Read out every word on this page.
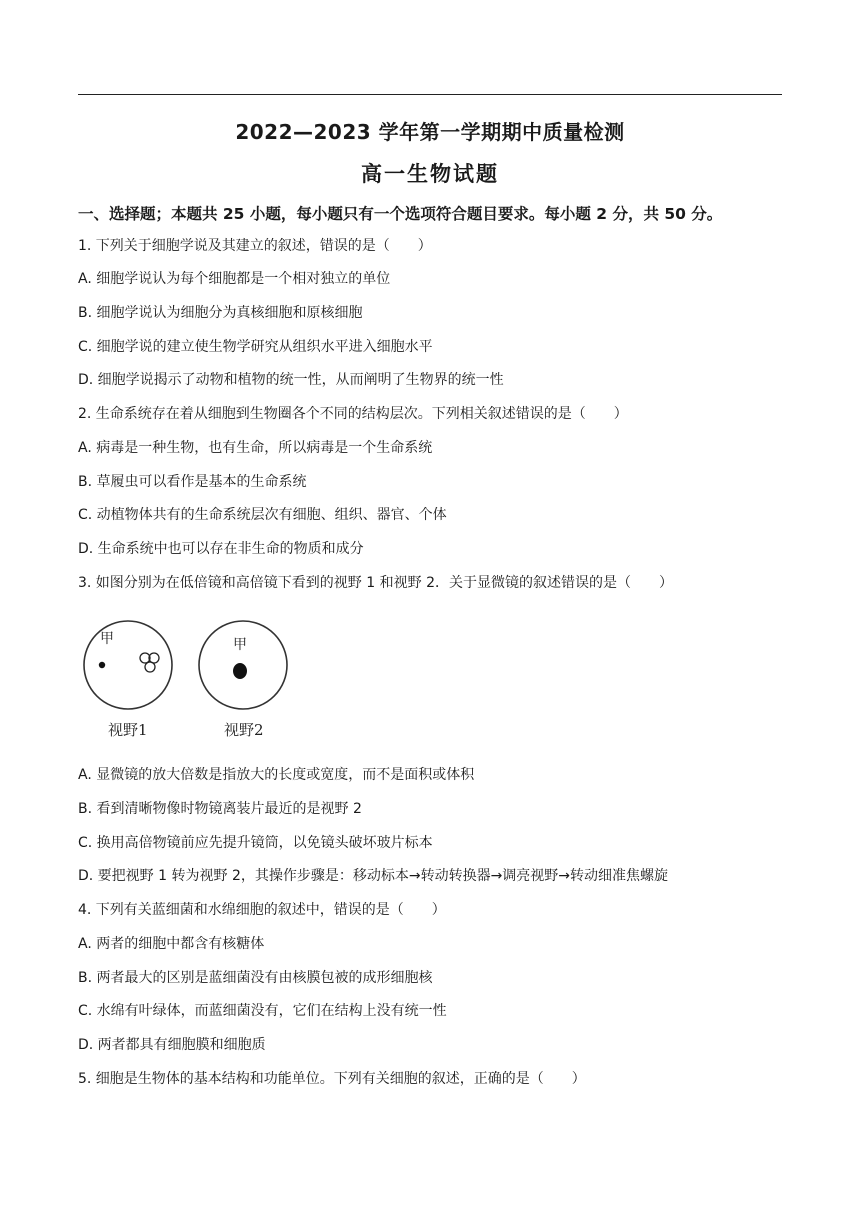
2022—2023 学年第一学期期中质量检测
高一生物试题
一、选择题；本题共 25 小题，每小题只有一个选项符合题目要求。每小题 2 分，共 50 分。
1. 下列关于细胞学说及其建立的叙述，错误的是（　　）
A. 细胞学说认为每个细胞都是一个相对独立的单位
B. 细胞学说认为细胞分为真核细胞和原核细胞
C. 细胞学说的建立使生物学研究从组织水平进入细胞水平
D. 细胞学说揭示了动物和植物的统一性，从而阐明了生物界的统一性
2. 生命系统存在着从细胞到生物圈各个不同的结构层次。下列相关叙述错误的是（　　）
A. 病毒是一种生物，也有生命，所以病毒是一个生命系统
B. 草履虫可以看作是基本的生命系统
C. 动植物体共有的生命系统层次有细胞、组织、器官、个体
D. 生命系统中也可以存在非生命的物质和成分
3. 如图分别为在低倍镜和高倍镜下看到的视野 1 和视野 2．关于显微镜的叙述错误的是（　　）
甲	甲
视野1	视野2
A. 显微镜的放大倍数是指放大的长度或宽度，而不是面积或体积
B. 看到清晰物像时物镜离装片最近的是视野 2
C. 换用高倍物镜前应先提升镜筒，以免镜头破坏玻片标本
D. 要把视野 1 转为视野 2，其操作步骤是：移动标本→转动转换器→调亮视野→转动细准焦螺旋
4. 下列有关蓝细菌和水绵细胞的叙述中，错误的是（　　）
A. 两者的细胞中都含有核糖体
B. 两者最大的区别是蓝细菌没有由核膜包被的成形细胞核
C. 水绵有叶绿体，而蓝细菌没有，它们在结构上没有统一性
D. 两者都具有细胞膜和细胞质
5. 细胞是生物体的基本结构和功能单位。下列有关细胞的叙述，正确的是（　　）
